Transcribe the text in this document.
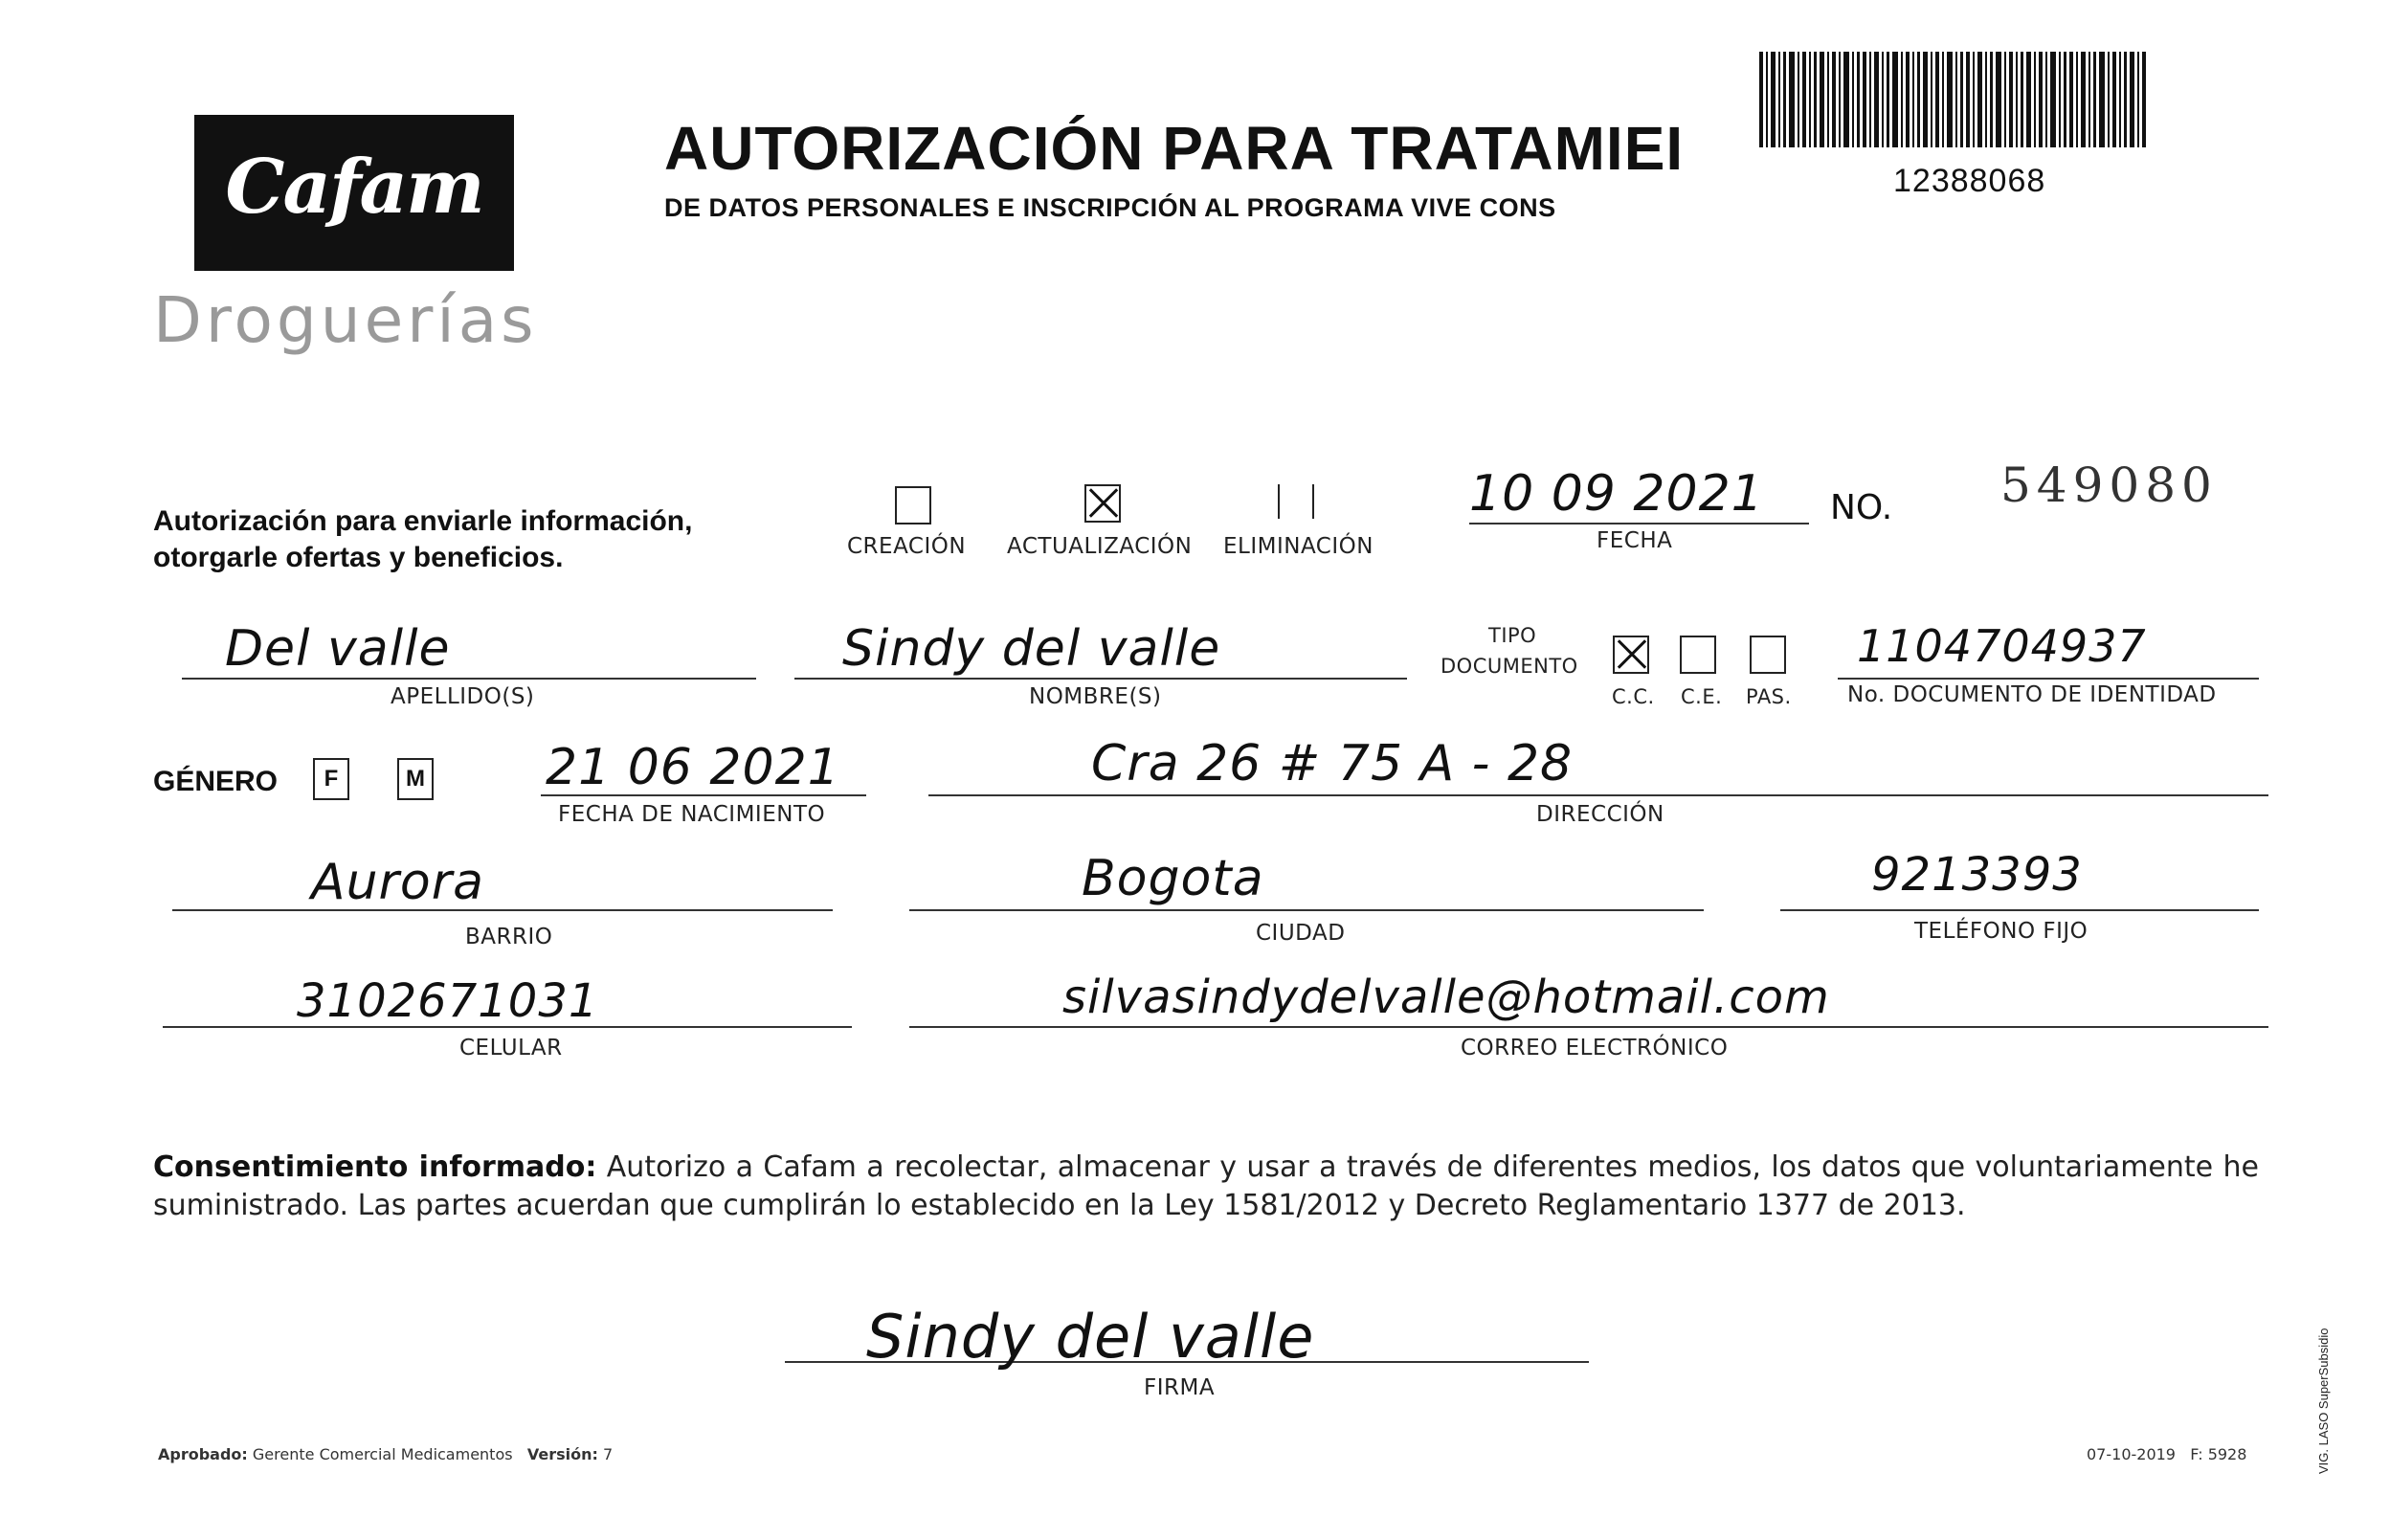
Cafam
Droguerías
AUTORIZACIÓN PARA TRATAMIEI
DE DATOS PERSONALES E INSCRIPCIÓN AL PROGRAMA VIVE CONS
12388068
Autorización para enviarle información,
otorgarle ofertas y beneficios.	CREACIÓN ACTUALIZACIÓN ELIMINACIÓN
10 09 2021
FECHA
NO. 549080
Del valle
APELLIDO(S)
Sindy del valle
NOMBRE(S)
TIPO
DOCUMENTO
C.C. C.E. PAS.
1104704937
No. DOCUMENTO DE IDENTIDAD
GÉNERO	F	M 21 06 2021
FECHA DE NACIMIENTO
Cra 26 # 75 A - 28
DIRECCIÓN
Aurora
BARRIO
Bogota
CIUDAD
9213393
TELÉFONO FIJO
3102671031
CELULAR
silvasindydelvalle@hotmail.com
CORREO ELECTRÓNICO
Consentimiento informado: Autorizo a Cafam a recolectar, almacenar y usar a través de diferentes medios, los datos que voluntariamente he suministrado. Las partes acuerdan que cumplirán lo establecido en la Ley 1581/2012 y Decreto Reglamentario 1377 de 2013.
Sindy del valle
FIRMA
Aprobado: Gerente Comercial Medicamentos Versión: 7	07-10-2019 F: 5928	VIG. LASO SuperSubsidio
